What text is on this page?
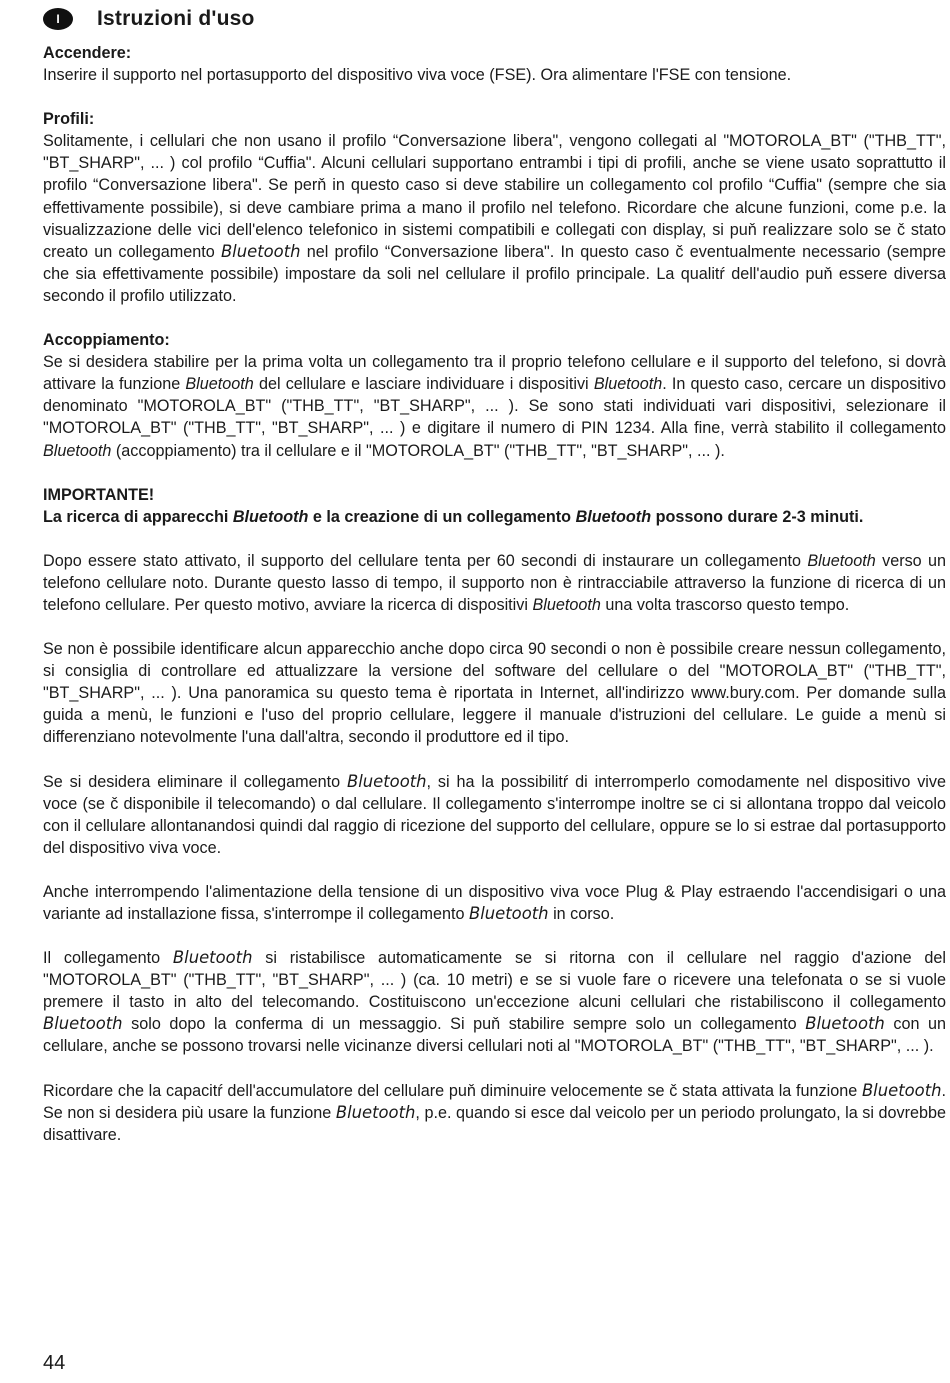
I	Istruzioni d'uso

Accendere:
Inserire il supporto nel portasupporto del dispositivo viva voce (FSE). Ora alimentare l'FSE con tensione.

Profili:
Solitamente, i cellulari che non usano il profilo “Conversazione libera", vengono collegati al "MOTOROLA_BT" ("THB_TT", "BT_SHARP", ... ) col profilo “Cuffia". Alcuni cellulari supportano entrambi i tipi di profili, anche se viene usato soprattutto il profilo “Conversazione libera". Se perň in questo caso si deve stabilire un collegamento col profilo “Cuffia" (sempre che sia effettivamente possibile), si deve cambiare prima a mano il profilo nel telefono. Ricordare che alcune funzioni, come p.e. la visualizzazione delle vici dell'elenco telefonico in sistemi compatibili e collegati con display, si puň realizzare solo se č stato creato un collegamento Bluetooth nel profilo “Conversazione libera". In questo caso č eventualmente necessario (sempre che sia effettivamente possibile) impostare da soli nel cellulare il profilo principale. La qualitŕ dell'audio puň essere diversa secondo il profilo utilizzato.

Accoppiamento:
Se si desidera stabilire per la prima volta un collegamento tra il proprio telefono cellulare e il supporto del telefono, si dovrà attivare la funzione Bluetooth del cellulare e lasciare individuare i dispositivi Bluetooth. In questo caso, cercare un dispositivo denominato "MOTOROLA_BT" ("THB_TT", "BT_SHARP", ... ). Se sono stati individuati vari dispositivi, selezionare il "MOTOROLA_BT" ("THB_TT", "BT_SHARP", ... ) e digitare il numero di PIN 1234. Alla fine, verrà stabilito il collegamento Bluetooth (accoppiamento) tra il cellulare e il "MOTOROLA_BT" ("THB_TT", "BT_SHARP", ... ).

IMPORTANTE!
La ricerca di apparecchi Bluetooth e la creazione di un collegamento Bluetooth possono durare 2-3 minuti.

Dopo essere stato attivato, il supporto del cellulare tenta per 60 secondi di instaurare un collegamento Bluetooth verso un telefono cellulare noto. Durante questo lasso di tempo, il supporto non è rintracciabile attraverso la funzione di ricerca di un telefono cellulare. Per questo motivo, avviare la ricerca di dispositivi Bluetooth una volta trascorso questo tempo.

Se non è possibile identificare alcun apparecchio anche dopo circa 90 secondi o non è possibile creare nessun collegamento, si consiglia di controllare ed attualizzare la versione del software del cellulare o del "MOTOROLA_BT" ("THB_TT", "BT_SHARP", ... ). Una panoramica su questo tema è riportata in Internet, all'indirizzo www.bury.com. Per domande sulla guida a menù, le funzioni e l'uso del proprio cellulare, leggere il manuale d'istruzioni del cellulare. Le guide a menù si differenziano notevolmente l'una dall'altra, secondo il produttore ed il tipo.

Se si desidera eliminare il collegamento Bluetooth, si ha la possibilitŕ di interromperlo comodamente nel dispositivo vive voce (se č disponibile il telecomando) o dal cellulare. Il collegamento s'interrompe inoltre se ci si allontana troppo dal veicolo con il cellulare allontanandosi quindi dal raggio di ricezione del supporto del cellulare, oppure se lo si estrae dal portasupporto del dispositivo viva voce.

Anche interrompendo l'alimentazione della tensione di un dispositivo viva voce Plug & Play estraendo l'accendisigari o una variante ad installazione fissa, s'interrompe il collegamento Bluetooth in corso.

Il collegamento Bluetooth si ristabilisce automaticamente se si ritorna con il cellulare nel raggio d'azione del "MOTOROLA_BT" ("THB_TT", "BT_SHARP", ... ) (ca. 10 metri) e se si vuole fare o ricevere una telefonata o se si vuole premere il tasto in alto del telecomando. Costituiscono un'eccezione alcuni cellulari che ristabiliscono il collegamento Bluetooth solo dopo la conferma di un messaggio. Si puň stabilire sempre solo un collegamento Bluetooth con un cellulare, anche se possono trovarsi nelle vicinanze diversi cellulari noti al "MOTOROLA_BT" ("THB_TT", "BT_SHARP", ... ).

Ricordare che la capacitŕ dell'accumulatore del cellulare puň diminuire velocemente se č stata attivata la funzione Bluetooth. Se non si desidera più usare la funzione Bluetooth, p.e. quando si esce dal veicolo per un periodo prolungato, la si dovrebbe disattivare.

44
